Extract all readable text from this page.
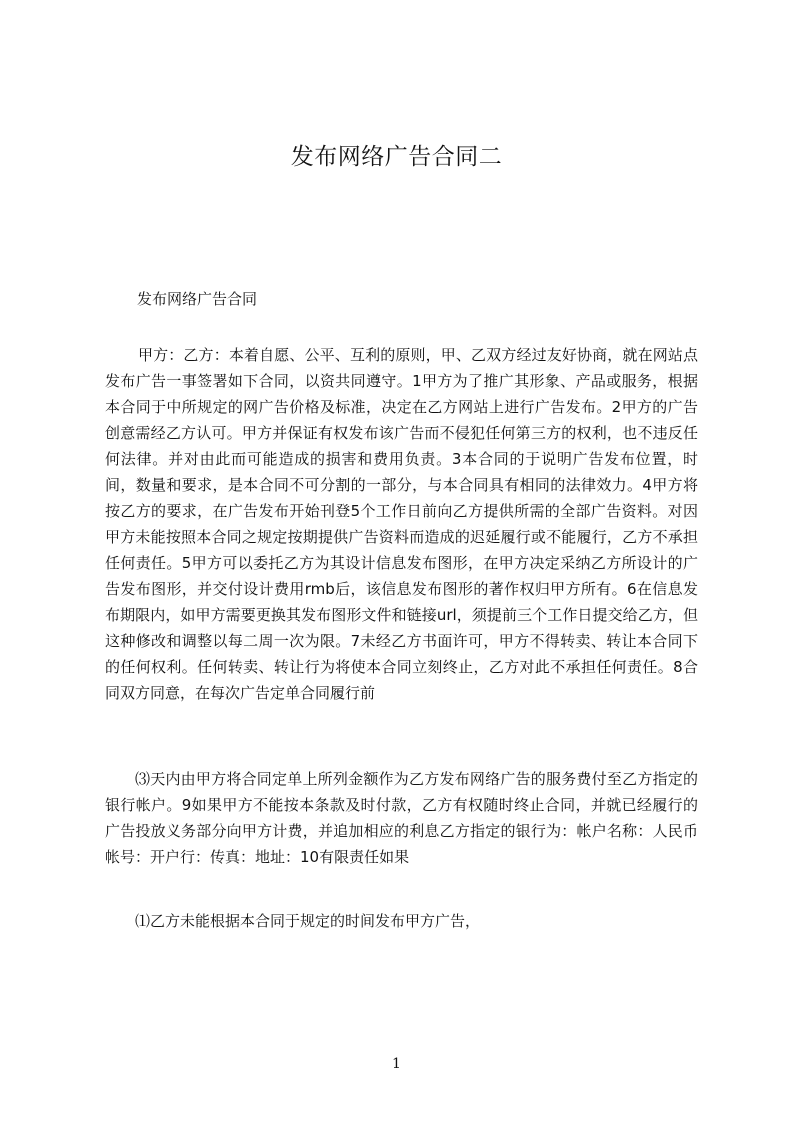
发布网络广告合同二

发布网络广告合同

甲方：乙方：本着自愿、公平、互利的原则，甲、乙双方经过友好协商，就在网站点发布广告一事签署如下合同，以资共同遵守。1甲方为了推广其形象、产品或服务，根据本合同于中所规定的网广告价格及标准，决定在乙方网站上进行广告发布。2甲方的广告创意需经乙方认可。甲方并保证有权发布该广告而不侵犯任何第三方的权利，也不违反任何法律。并对由此而可能造成的损害和费用负责。3本合同的于说明广告发布位置，时间，数量和要求，是本合同不可分割的一部分，与本合同具有相同的法律效力。4甲方将按乙方的要求，在广告发布开始刊登5个工作日前向乙方提供所需的全部广告资料。对因甲方未能按照本合同之规定按期提供广告资料而造成的迟延履行或不能履行，乙方不承担任何责任。5甲方可以委托乙方为其设计信息发布图形，在甲方决定采纳乙方所设计的广告发布图形，并交付设计费用rmb后，该信息发布图形的著作权归甲方所有。6在信息发布期限内，如甲方需要更换其发布图形文件和链接url，须提前三个工作日提交给乙方，但这种修改和调整以每二周一次为限。7未经乙方书面许可，甲方不得转卖、转让本合同下的任何权利。任何转卖、转让行为将使本合同立刻终止，乙方对此不承担任何责任。8合同双方同意，在每次广告定单合同履行前

⑶天内由甲方将合同定单上所列金额作为乙方发布网络广告的服务费付至乙方指定的银行帐户。9如果甲方不能按本条款及时付款，乙方有权随时终止合同，并就已经履行的广告投放义务部分向甲方计费，并追加相应的利息乙方指定的银行为：帐户名称：人民币帐号：开户行：传真：地址：10有限责任如果

⑴乙方未能根据本合同于规定的时间发布甲方广告，

1
